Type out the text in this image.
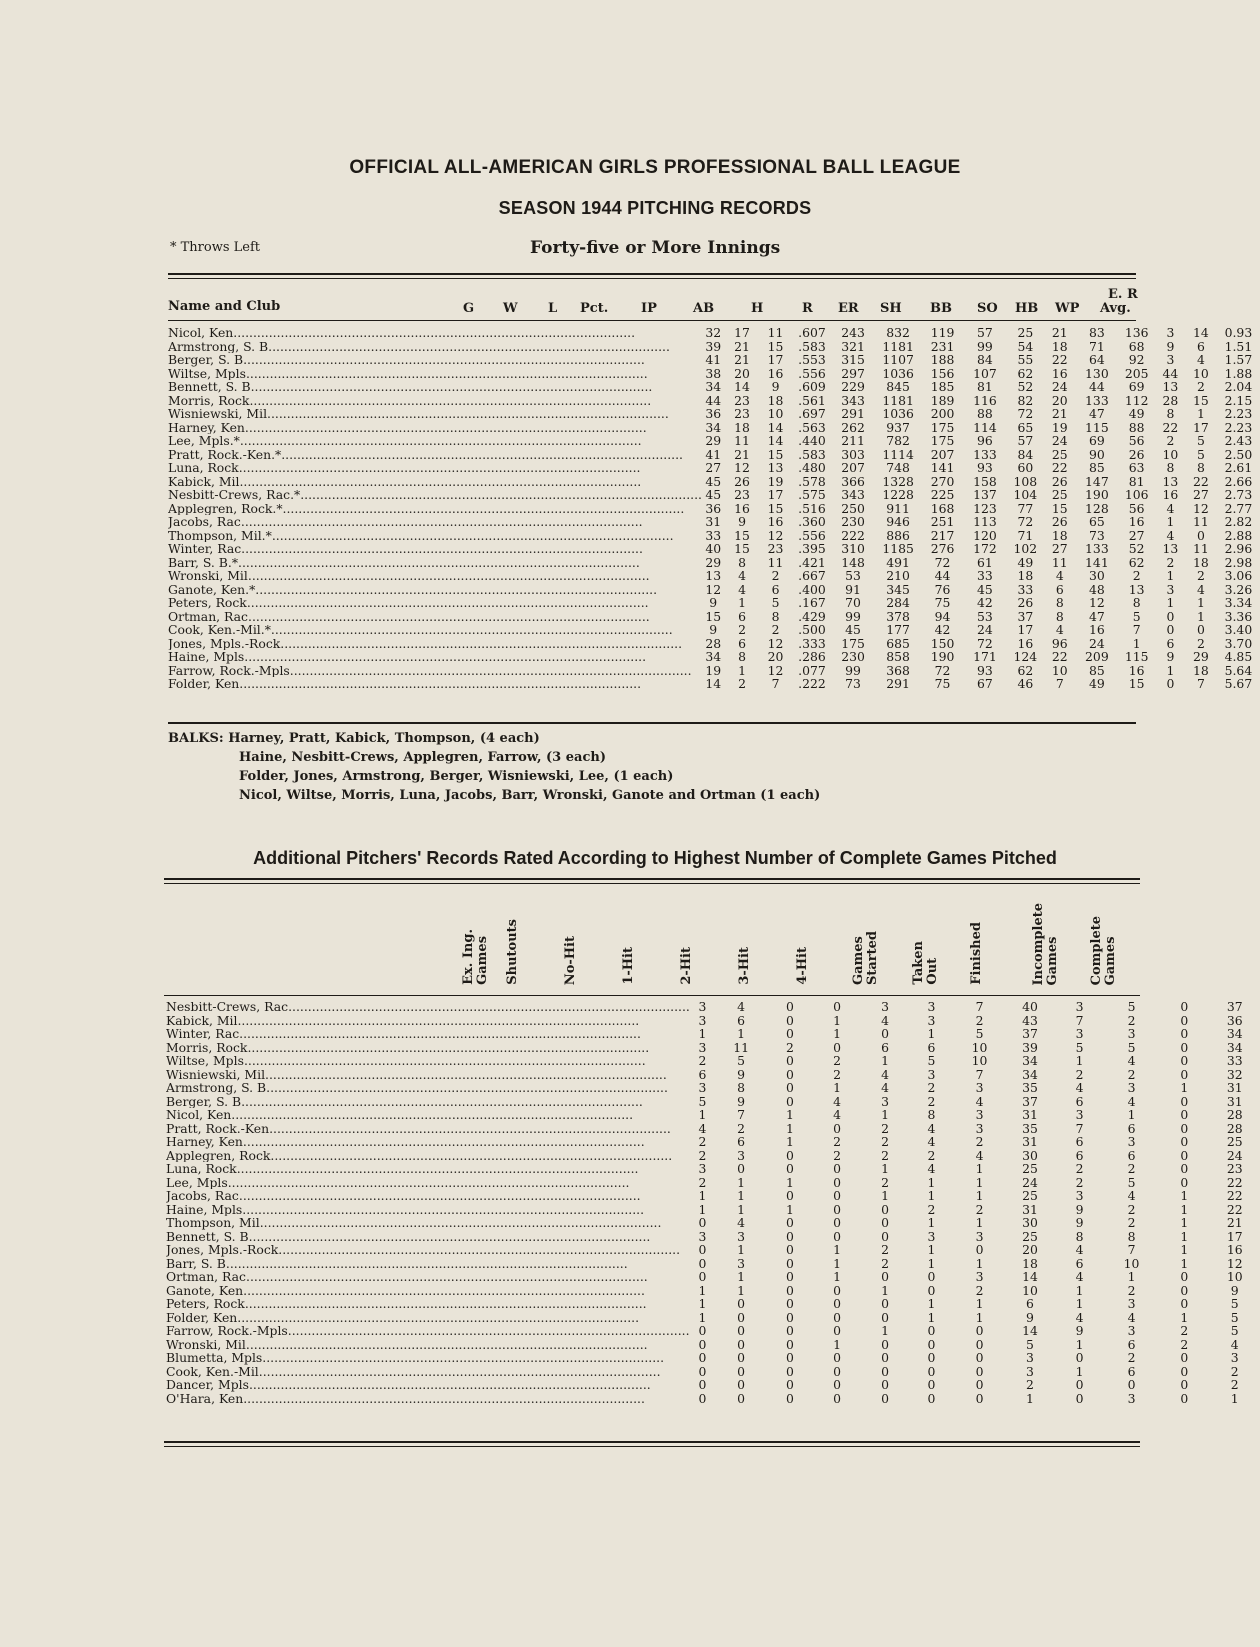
OFFICIAL ALL-AMERICAN GIRLS PROFESSIONAL BALL LEAGUE
SEASON 1944 PITCHING RECORDS
* Throws Left	Forty-five or More Innings
Name and Club	G W L Pct.	IP	AB	H	R ER SH BB SO HB WP
E. R
Avg.
Nicol, Ken .....	32	17	11	.607	243	832	119	57	25	21	83	136	3	14	0.93
Armstrong, S. B .....	39	21	15	.583	321	1181	231	99	54	18	71	68	9	6	1.51
Berger, S. B .....	41	21	17	.553	315	1107	188	84	55	22	64	92	3	4	1.57
Wiltse, Mpls .....	38	20	16	.556	297	1036	156	107	62	16	130	205	44	10	1.88
Bennett, S. B .....	34	14	9	.609	229	845	185	81	52	24	44	69	13	2	2.04
Morris, Rock .....	44	23	18	.561	343	1181	189	116	82	20	133	112	28	15	2.15
Wisniewski, Mil .....	36	23	10	.697	291	1036	200	88	72	21	47	49	8	1	2.23
Harney, Ken .....	34	18	14	.563	262	937	175	114	65	19	115	88	22	17	2.23
Lee, Mpls.* .....	29	11	14	.440	211	782	175	96	57	24	69	56	2	5	2.43
Pratt, Rock.-Ken.* .....	41	21	15	.583	303	1114	207	133	84	25	90	26	10	5	2.50
Luna, Rock .....	27	12	13	.480	207	748	141	93	60	22	85	63	8	8	2.61
Kabick, Mil .....	45	26	19	.578	366	1328	270	158	108	26	147	81	13	22	2.66
Nesbitt-Crews, Rac.* .....	45	23	17	.575	343	1228	225	137	104	25	190	106	16	27	2.73
Applegren, Rock.* .....	36	16	15	.516	250	911	168	123	77	15	128	56	4	12	2.77
Jacobs, Rac .....	31	9	16	.360	230	946	251	113	72	26	65	16	1	11	2.82
Thompson, Mil.* .....	33	15	12	.556	222	886	217	120	71	18	73	27	4	0	2.88
Winter, Rac .....	40	15	23	.395	310	1185	276	172	102	27	133	52	13	11	2.96
Barr, S. B.* .....	29	8	11	.421	148	491	72	61	49	11	141	62	2	18	2.98
Wronski, Mil .....	13	4	2	.667	53	210	44	33	18	4	30	2	1	2	3.06
Ganote, Ken.* .....	12	4	6	.400	91	345	76	45	33	6	48	13	3	4	3.26
Peters, Rock .....	9	1	5	.167	70	284	75	42	26	8	12	8	1	1	3.34
Ortman, Rac .....	15	6	8	.429	99	378	94	53	37	8	47	5	0	1	3.36
Cook, Ken.-Mil.* .....	9	2	2	.500	45	177	42	24	17	4	16	7	0	0	3.40
Jones, Mpls.-Rock .....	28	6	12	.333	175	685	150	72	16	96	24	1	6	2	3.70
Haine, Mpls .....	34	8	20	.286	230	858	190	171	124	22	209	115	9	29	4.85
Farrow, Rock.-Mpls .....	19	1	12	.077	99	368	72	93	62	10	85	16	1	18	5.64
Folder, Ken .....	14	2	7	.222	73	291	75	67	46	7	49	15	0	7	5.67
BALKS: Harney, Pratt, Kabick, Thompson, (4 each)
Haine, Nesbitt-Crews, Applegren, Farrow, (3 each)
Folder, Jones, Armstrong, Berger, Wisniewski, Lee, (1 each)
Nicol, Wiltse, Morris, Luna, Jacobs, Barr, Wronski, Ganote and Ortman (1 each)
Additional Pitchers' Records Rated According to Highest Number of Complete Games Pitched
Ex. Ing.
Games Shutouts	No-Hit	1-Hit	2-Hit	3-Hit	4-Hit	Games
Started Taken
Out Finished	Incomplete
Games Complete
Games
Nesbitt-Crews, Rac .....	3	4	0	0	3	3	7	40	3	5	0	37
Kabick, Mil .....	3	6	0	1	4	3	2	43	7	2	0	36
Winter, Rac .....	1	1	0	1	0	1	5	37	3	3	0	34
Morris, Rock .....	3	11	2	0	6	6	10	39	5	5	0	34
Wiltse, Mpls .....	2	5	0	2	1	5	10	34	1	4	0	33
Wisniewski, Mil .....	6	9	0	2	4	3	7	34	2	2	0	32
Armstrong, S. B .....	3	8	0	1	4	2	3	35	4	3	1	31
Berger, S. B .....	5	9	0	4	3	2	4	37	6	4	0	31
Nicol, Ken .....	1	7	1	4	1	8	3	31	3	1	0	28
Pratt, Rock.-Ken .....	4	2	1	0	2	4	3	35	7	6	0	28
Harney, Ken .....	2	6	1	2	2	4	2	31	6	3	0	25
Applegren, Rock .....	2	3	0	2	2	2	4	30	6	6	0	24
Luna, Rock .....	3	0	0	0	1	4	1	25	2	2	0	23
Lee, Mpls .....	2	1	1	0	2	1	1	24	2	5	0	22
Jacobs, Rac .....	1	1	0	0	1	1	1	25	3	4	1	22
Haine, Mpls .....	1	1	1	0	0	2	2	31	9	2	1	22
Thompson, Mil .....	0	4	0	0	0	1	1	30	9	2	1	21
Bennett, S. B .....	3	3	0	0	0	3	3	25	8	8	1	17
Jones, Mpls.-Rock .....	0	1	0	1	2	1	0	20	4	7	1	16
Barr, S. B .....	0	3	0	1	2	1	1	18	6	10	1	12
Ortman, Rac .....	0	1	0	1	0	0	3	14	4	1	0	10
Ganote, Ken .....	1	1	0	0	1	0	2	10	1	2	0	9
Peters, Rock .....	1	0	0	0	0	1	1	6	1	3	0	5
Folder, Ken .....	1	0	0	0	0	1	1	9	4	4	1	5
Farrow, Rock.-Mpls .....	0	0	0	0	1	0	0	14	9	3	2	5
Wronski, Mil .....	0	0	0	1	0	0	0	5	1	6	2	4
Blumetta, Mpls .....	0	0	0	0	0	0	0	3	0	2	0	3
Cook, Ken.-Mil .....	0	0	0	0	0	0	0	3	1	6	0	2
Dancer, Mpls .....	0	0	0	0	0	0	0	2	0	0	0	2
O'Hara, Ken .....	0	0	0	0	0	0	0	1	0	3	0	1
